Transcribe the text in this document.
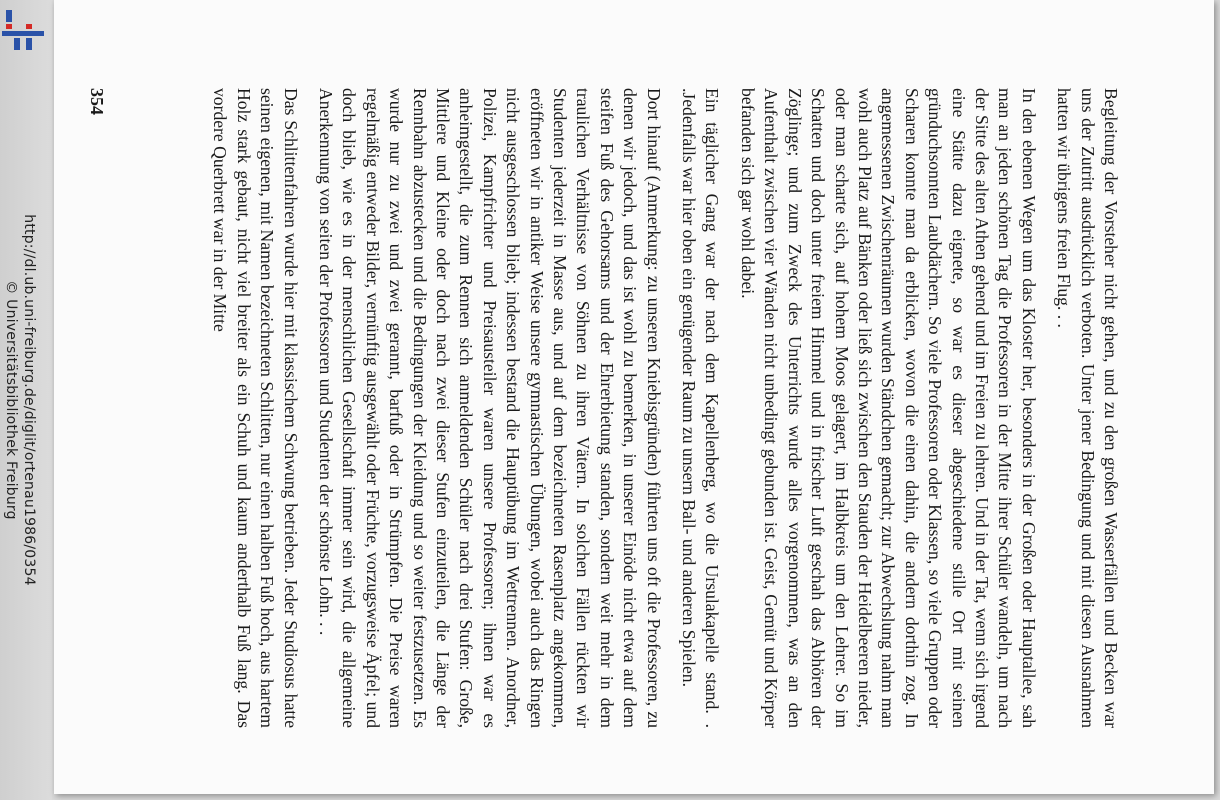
http://dl.ub.uni-freiburg.de/diglit/ortenau1986/0354
© Universitätsbibliothek Freiburg	Begleitung der Vorsteher nicht gehen, und zu den großen Wasserfällen und Becken war uns der Zutritt ausdrücklich verboten. Unter jener Bedingung und mit diesen Ausnahmen hatten wir übrigens freien Flug. . .

In den ebenen Wegen um das Kloster her, besonders in der Großen oder Hauptallee, sah man an jeden schönen Tag die Professoren in der Mitte ihrer Schüler wandeln, um nach der Sitte des alten Athen gehend und im Freien zu lehren. Und in der Tat, wenn sich irgend eine Stätte dazu eignete, so war es dieser abgeschiedene stille Ort mit seinen gründuchsonnten Laubdächern. So viele Professoren oder Klassen, so viele Gruppen oder Scharen konnte man da erblicken, wovon die einen dahin, die andern dorthin zog. In angemessenen Zwischenräumen wurden Ständchen gemacht; zur Abwechslung nahm man wohl auch Platz auf Bänken oder ließ sich zwischen den Stauden der Heidelbeeren nieder, oder man scharte sich, auf hohem Moos gelagert, im Halbkreis um den Lehrer. So im Schatten und doch unter freiem Himmel und in frischer Luft geschah das Abhören der Zöglinge; und zum Zweck des Unterrichts wurde alles vorgenommen, was an den Aufenthalt zwischen vier Wänden nicht unbedingt gebunden ist. Geist, Gemüt und Körper befanden sich gar wohl dabei.

Ein täglicher Gang war der nach dem Kapellenberg, wo die Ursulakapelle stand. . .Jedenfalls war hier oben ein genügender Raum zu unsern Ball- und anderen Spielen.

Dort hinauf (Anmerkung: zu unseren Kniebisgründen) führten uns oft die Professoren, zu denen wir jedoch, und das ist wohl zu bemerken, in unserer Einöde nicht etwa auf dem steifen Fuß des Gehorsams und der Ehrerbietung standen, sondern weit mehr in dem traulichen Verhältnisse von Söhnen zu ihren Vätern. In solchen Fällen rückten wir Studenten jederzeit in Masse aus, und auf dem bezeichneten Rasenplatz angekommen, eröffneten wir in antiker Weise unsere gymnastischen Übungen, wobei auch das Ringen nicht ausgeschlossen blieb; indessen bestand die Hauptübung im Wettrennen. Anordner, Polizei, Kampfrichter und Preisausteiler waren unsere Professoren; ihnen war es anheimgestellt, die zum Rennen sich anmeldenden Schüler nach drei Stufen: Große, Mittlere und Kleine oder doch nach zwei dieser Stufen einzuteilen, die Länge der Rennbahn abzustecken und die Bedingungen der Kleidung und so weiter festzusetzen. Es wurde nur zu zwei und zwei gerannt, barfuß oder in Strümpfen. Die Preise waren regelmäßig entweder Bilder, vernünftig ausgewählt oder Früchte, vorzugsweise Äpfel; und doch blieb, wie es in der menschlichen Gesellschaft immer sein wird, die allgemeine Anerkennung von seiten der Professoren und Studenten der schönste Lohn. . .

Das Schlittenfahren wurde hier mit klassischem Schwung betrieben. Jeder Studiosus hatte seinen eigenen, mit Namen bezeichneten Schlitten, nur einen halben Fuß hoch, aus hartem Holz stark gebaut, nicht viel breiter als ein Schuh und kaum anderthalb Fuß lang. Das vordere Querbrett war in der Mitte

354
